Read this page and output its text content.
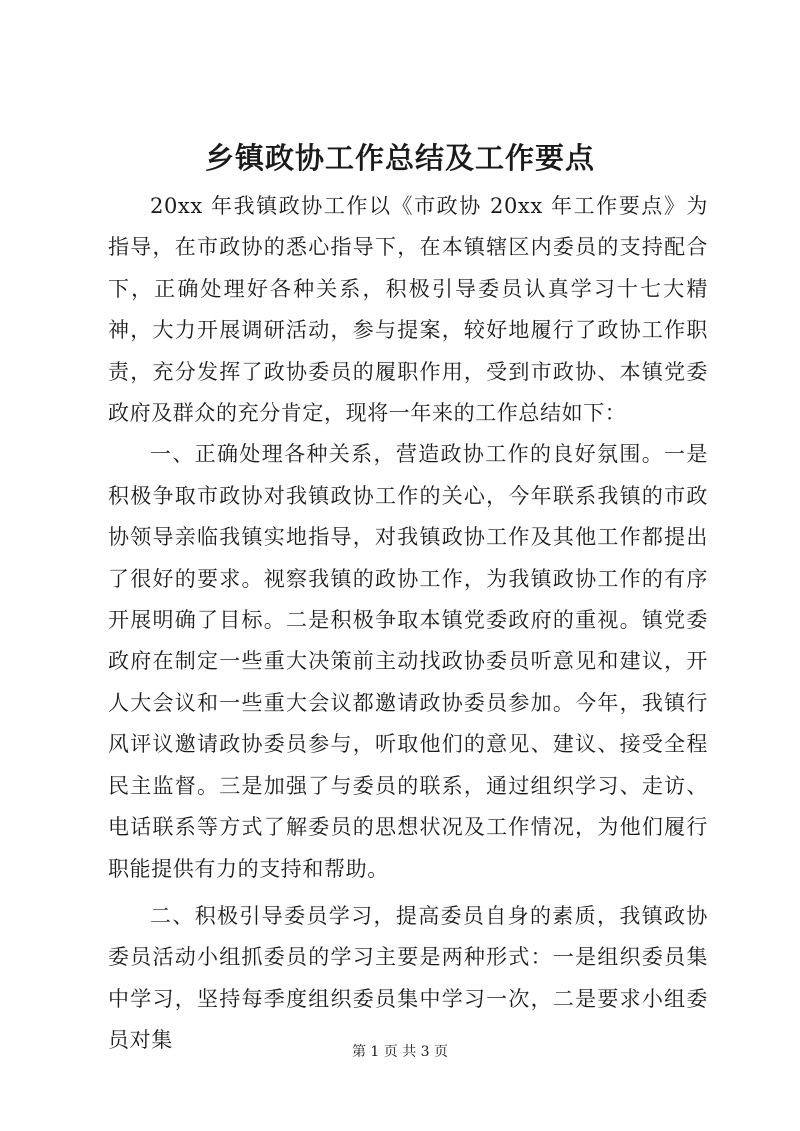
乡镇政协工作总结及工作要点

20xx 年我镇政协工作以《市政协 20xx 年工作要点》为指导，在市政协的悉心指导下，在本镇辖区内委员的支持配合下，正确处理好各种关系，积极引导委员认真学习十七大精神，大力开展调研活动，参与提案，较好地履行了政协工作职责，充分发挥了政协委员的履职作用，受到市政协、本镇党委政府及群众的充分肯定，现将一年来的工作总结如下：

一、正确处理各种关系，营造政协工作的良好氛围。一是积极争取市政协对我镇政协工作的关心，今年联系我镇的市政协领导亲临我镇实地指导，对我镇政协工作及其他工作都提出了很好的要求。视察我镇的政协工作，为我镇政协工作的有序开展明确了目标。二是积极争取本镇党委政府的重视。镇党委政府在制定一些重大决策前主动找政协委员听意见和建议，开人大会议和一些重大会议都邀请政协委员参加。今年，我镇行风评议邀请政协委员参与，听取他们的意见、建议、接受全程民主监督。三是加强了与委员的联系，通过组织学习、走访、电话联系等方式了解委员的思想状况及工作情况，为他们履行职能提供有力的支持和帮助。

二、积极引导委员学习，提高委员自身的素质，我镇政协委员活动小组抓委员的学习主要是两种形式：一是组织委员集中学习，坚持每季度组织委员集中学习一次，二是要求小组委员对集	第 1 页 共 3 页
